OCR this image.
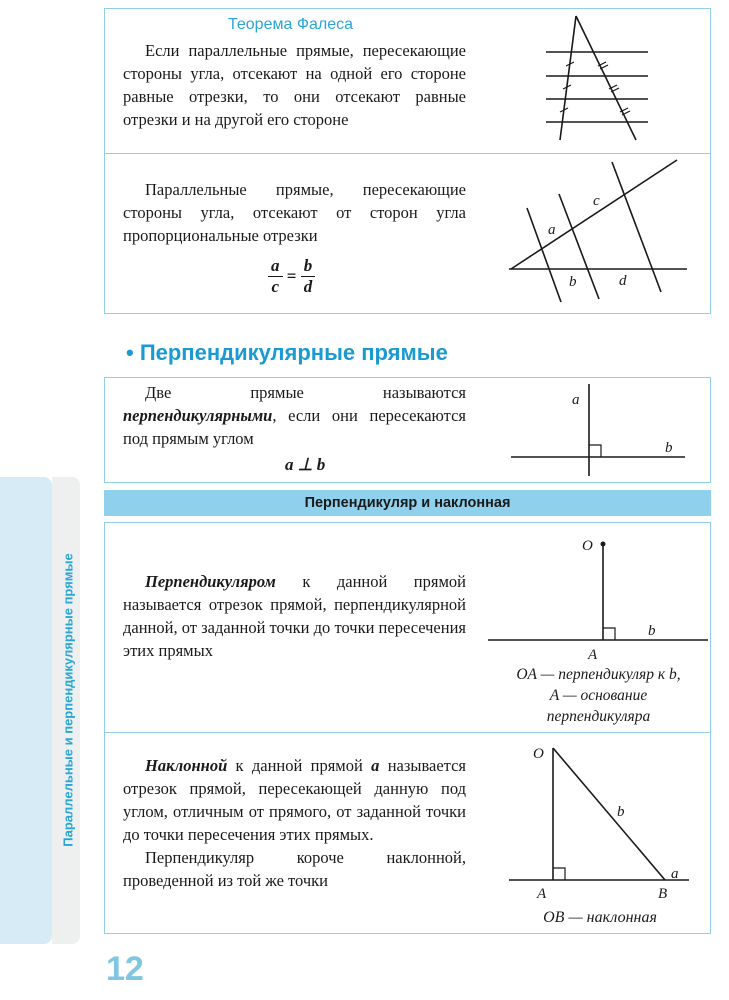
Параллельные и перпендикулярные прямые
Теорема Фалеса

Если параллельные прямые, пересекающие стороны угла, отсекают на одной его стороне равные отрезки, то они отсекают равные отрезки и на другой его стороне

Параллельные прямые, пересекающие стороны угла, отсекают от сторон угла пропорциональные отрезки

$\frac{a}{c} = \frac{b}{d}$
a
c
b	d
• Перпендикулярные прямые

Две прямые называются перпендикулярными, если они пересекаются под прямым углом

a ⊥ b
a
b
Перпендикуляр и наклонная

Перпендикуляром к данной прямой называется отрезок прямой, перпендикулярной данной, от заданной точки до точки пересечения этих прямых

O
A
b
OA — перпендикуляр к b,
A — основание
перпендикуляра

Наклонной к данной прямой a называется отрезок прямой, пересекающей данную под углом, отличным от прямого, от заданной точки до точки пересечения этих прямых.

Перпендикуляр короче наклонной, проведенной из той же точки

O
A	B
a
b
OB — наклонная
12
